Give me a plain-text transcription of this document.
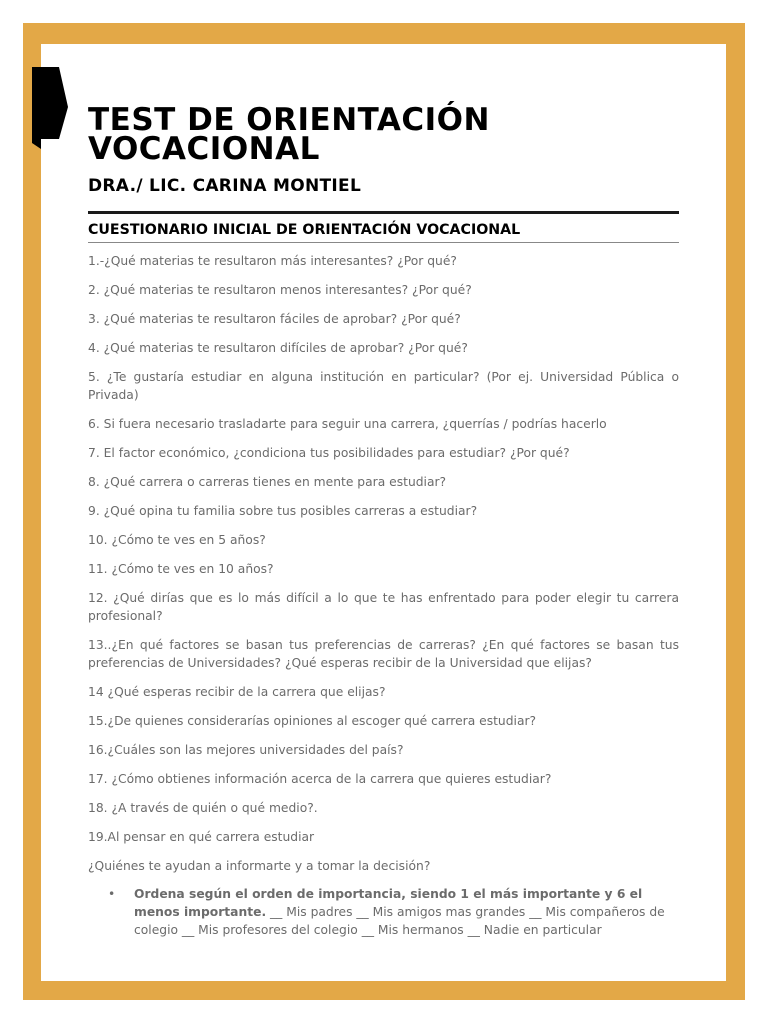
TEST DE ORIENTACIÓN
VOCACIONAL
DRA./ LIC. CARINA MONTIEL
CUESTIONARIO INICIAL DE ORIENTACIÓN VOCACIONAL
1.-¿Qué materias te resultaron más interesantes? ¿Por qué?
2. ¿Qué materias te resultaron menos interesantes? ¿Por qué?
3. ¿Qué materias te resultaron fáciles de aprobar? ¿Por qué?
4. ¿Qué materias te resultaron difíciles de aprobar? ¿Por qué?
5. ¿Te gustaría estudiar en alguna institución en particular? (Por ej. Universidad Pública o Privada)
6. Si fuera necesario trasladarte para seguir una carrera, ¿querrías / podrías hacerlo
7. El factor económico, ¿condiciona tus posibilidades para estudiar? ¿Por qué?
8. ¿Qué carrera o carreras tienes en mente para estudiar?
9. ¿Qué opina tu familia sobre tus posibles carreras a estudiar?
10. ¿Cómo te ves en 5 años?
11. ¿Cómo te ves en 10 años?
12. ¿Qué dirías que es lo más difícil a lo que te has enfrentado para poder elegir tu carrera profesional?
13..¿En qué factores se basan tus preferencias de carreras? ¿En qué factores se basan tus preferencias de Universidades? ¿Qué esperas recibir de la Universidad que elijas?
14 ¿Qué esperas recibir de la carrera que elijas?
15.¿De quienes considerarías opiniones al escoger qué carrera estudiar?
16.¿Cuáles son las mejores universidades del país?
17. ¿Cómo obtienes información acerca de la carrera que quieres estudiar?
18. ¿A través de quién o qué medio?.
19.Al pensar en qué carrera estudiar
¿Quiénes te ayudan a informarte y a tomar la decisión?
•	Ordena según el orden de importancia, siendo 1 el más importante y 6 el menos importante. __ Mis padres __ Mis amigos mas grandes __ Mis compañeros de colegio __ Mis profesores del colegio __ Mis hermanos __ Nadie en particular
